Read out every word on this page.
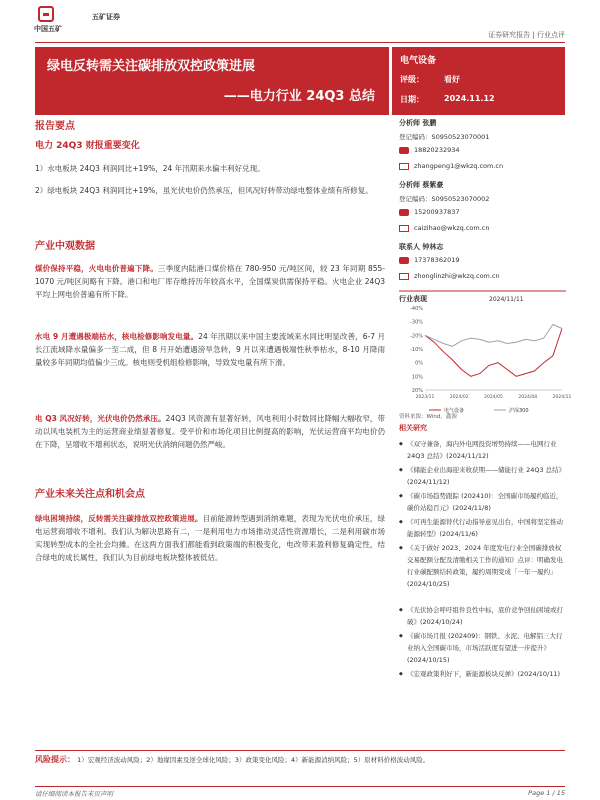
中国五矿
五矿证券
证券研究报告 | 行业点评
绿电反转需关注碳排放双控政策进展
——电力行业 24Q3 总结
电气设备
评级：	看好
日期：	2024.11.12
报告要点
电力 24Q3 财报重要变化
1）水电板块 24Q3 利润同比+19%，24 年汛期来水偏丰利好兑现。
2）绿电板块 24Q3 利润同比+19%，虽光伏电价仍然承压，但风况好转带动绿电整体业绩有所修复。
产业中观数据
煤价保持平稳，火电电价普遍下降。三季度内陆港口煤价格在 780-950 元/吨区间，较 23 年同期 855-1070 元/吨区间略有下降。港口和电厂库存维持历年较高水平，全国煤炭供需保持平稳。火电企业 24Q3 平均上网电价普遍有所下降。
水电 9 月遭遇极端枯水，核电检修影响发电量。24 年汛期以来中国主要流域来水同比明显改善，6-7 月长江流域降水量偏多一至二成，但 8 月开始遭遇滂旱急转，9 月以来遭遇极端性秋季枯水，8-10 月降雨量较多年同期均值偏少三成。核电则受机组检修影响，导致发电量有所下滑。
电 Q3 风况好转，光伏电价仍然承压。24Q3 风资源有显著好转，风电利用小时数同比降幅大幅收窄，带动以风电装机为主的运营商业绩显著修复。受平价和市场化项目比例提高的影响，光伏运营商平均电价仍在下降，呈增收不增利状态，说明光伏消纳问题仍然严峻。
产业未来关注点和机会点
绿电困境持续，反转需关注碳排放双控政策进展。目前能源转型遇到消纳难题，表现为光伏电价承压，绿电运营商增收不增利。我们认为解决思路有二，一是利用电力市场推动灵活性资源增长，二是利用碳市场实现转型成本的全社会均摊。在这两方面我们都能看到政策端的积极变化，电改带来盈利修复确定性，结合绿电的成长属性，我们认为目前绿电板块整体被低估。
分析师 张鹏
登记编码：S0950523070001
18820232934
zhangpeng1@wkzq.com.cn
分析师 蔡紫豪
登记编码：S0950523070002
15200937837
caizihao@wkzq.com.cn
联系人 钟林志
17378362019
zhonglinzhi@wkzq.com.cn
行业表现	2024/11/11
-40%
-30%
-20%
-10%
0%
10%
20%
2023/11	2024/02	2024/05	2024/08	2024/11
电气设备	沪深300
资料来源：Wind，鑫源
相关研究
◆ 《双守兼备，海内外电网投资增势持续——电网行业 24Q3 总结》(2024/11/12)
◆ 《储能企业出海迎来收获期——储能行业 24Q3 总结》(2024/11/12)
◆ 《碳市场趋势跟踪 (202410)：全国碳市场履约临近，碳价站稳百元》(2024/11/8)
◆ 《可再生能源替代行动指导意见出台，中国将坚定推动能源转型》(2024/11/6)
◆ 《关于做好 2023、2024 年度发电行业全国碳排放权交易配额分配及清缴相关工作的通知》点评：明确发电行业碳配额结转政策，履约周期变成「一年一履约」(2024/10/25)
◆ 《光伏协会呼吁组件良性中标，底价竞争回仙困境或打破》(2024/10/24)
◆ 《碳市场月报 (202409)：钢铁、水泥、电解铝三大行业纳入全国碳市场，市场活跃度有望进一步提升》(2024/10/15)
◆ 《宏观政策利好下，新能源板块反弹》(2024/10/11)
风险提示： 1）宏观经济波动风险；2）地缘因素及逆全球化风险；3）政策变化风险；4）新能源消纳风险；5）原材料价格波动风险。
请仔细阅读本报告末页声明	Page 1 / 15
